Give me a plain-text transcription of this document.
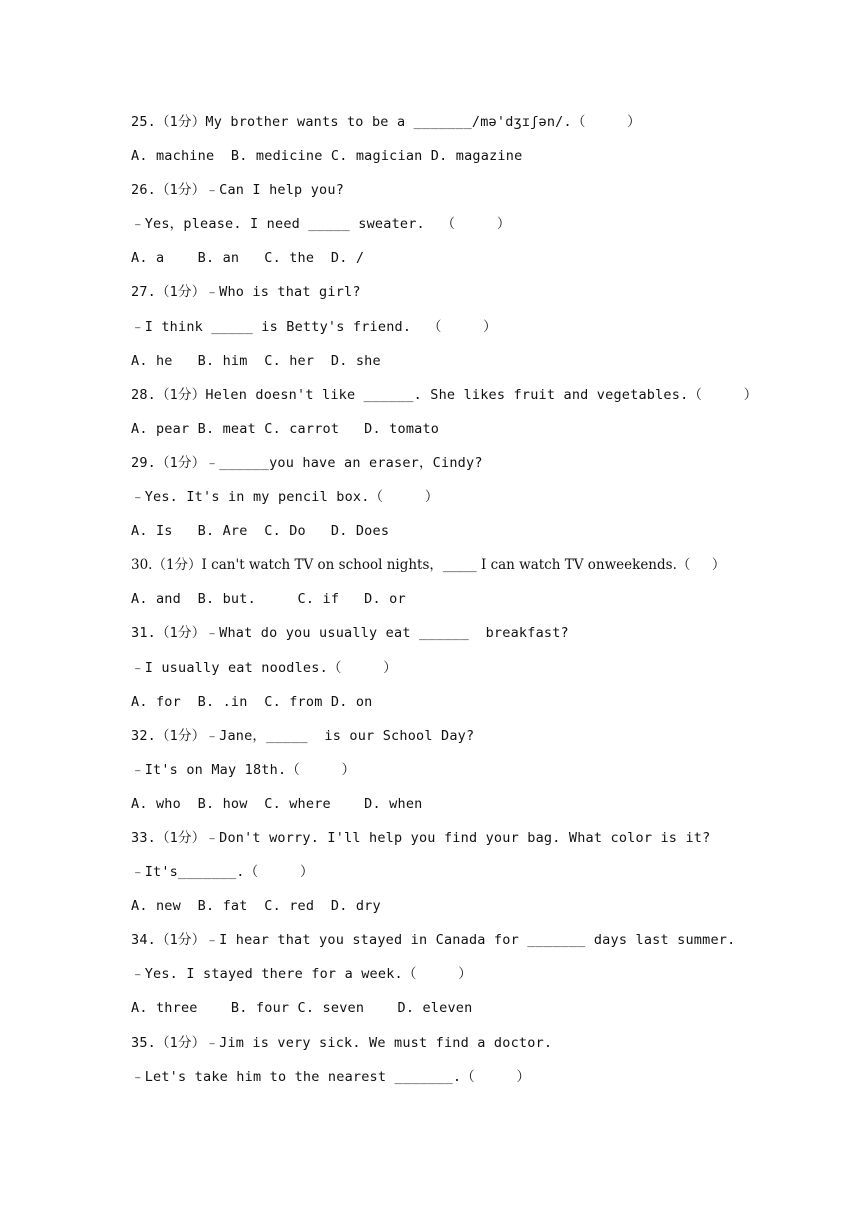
25.（1分）My brother wants to be a _______/mə'dʒɪʃən/.（     ）
A. machine  B. medicine C. magician D. magazine
26.（1分）﹣Can I help you?
﹣Yes，please. I need _____ sweater.  （     ）
A. a    B. an   C. the  D. /
27.（1分）﹣Who is that girl?
﹣I think _____ is Betty's friend.  （     ）
A. he   B. him  C. her  D. she
28.（1分）Helen doesn't like ______. She likes fruit and vegetables.（     ）
A. pear B. meat C. carrot   D. tomato
29.（1分）﹣______you have an eraser，Cindy?
﹣Yes. It's in my pencil box.（     ）
A. Is   B. Are  C. Do   D. Does
30.（1分）I can't watch TV on school nights，_____ I can watch TV onweekends.（     ）
A. and  B. but.     C. if   D. or
31.（1分）﹣What do you usually eat ______  breakfast?
﹣I usually eat noodles.（     ）
A. for  B. .in  C. from D. on
32.（1分）﹣Jane，_____  is our School Day?
﹣It's on May 18th.（     ）
A. who  B. how  C. where    D. when
33.（1分）﹣Don't worry. I'll help you find your bag. What color is it?
﹣It's_______.（     ）
A. new  B. fat  C. red  D. dry
34.（1分）﹣I hear that you stayed in Canada for _______ days last summer.
﹣Yes. I stayed there for a week.（     ）
A. three    B. four C. seven    D. eleven
35.（1分）﹣Jim is very sick. We must find a doctor.
﹣Let's take him to the nearest _______.（     ）
